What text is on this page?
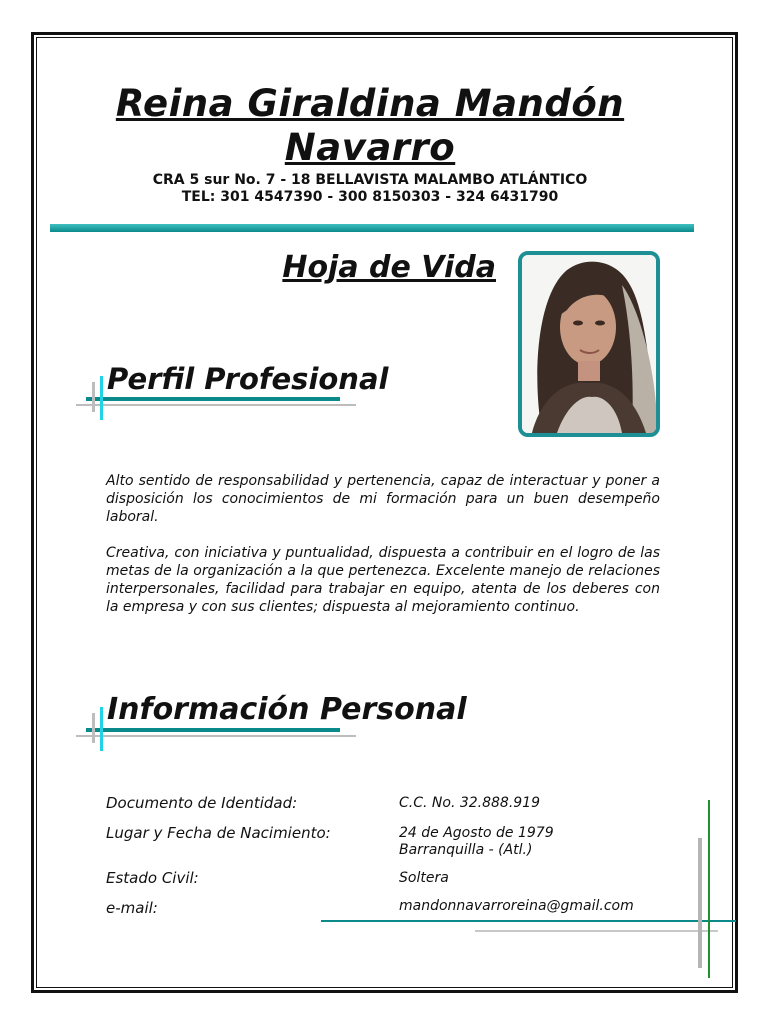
Reina Giraldina Mandón
Navarro
CRA 5 sur No. 7 - 18 BELLAVISTA MALAMBO ATLÁNTICO
TEL: 301 4547390 - 300 8150303 - 324 6431790
Hoja de Vida
Perfil Profesional
Alto sentido de responsabilidad y pertenencia, capaz de interactuar y poner a disposición los conocimientos de mi formación para un buen desempeño laboral.
Creativa, con iniciativa y puntualidad, dispuesta a contribuir en el logro de las metas de la organización a la que pertenezca. Excelente manejo de relaciones interpersonales, facilidad para trabajar en equipo, atenta de los deberes con la empresa y con sus clientes; dispuesta al mejoramiento continuo.
Información Personal
Documento de Identidad:	C.C. No. 32.888.919
Lugar y Fecha de Nacimiento:	24 de Agosto de 1979
Barranquilla - (Atl.)
Estado Civil:	Soltera
e-mail:	mandonnavarroreina@gmail.com
